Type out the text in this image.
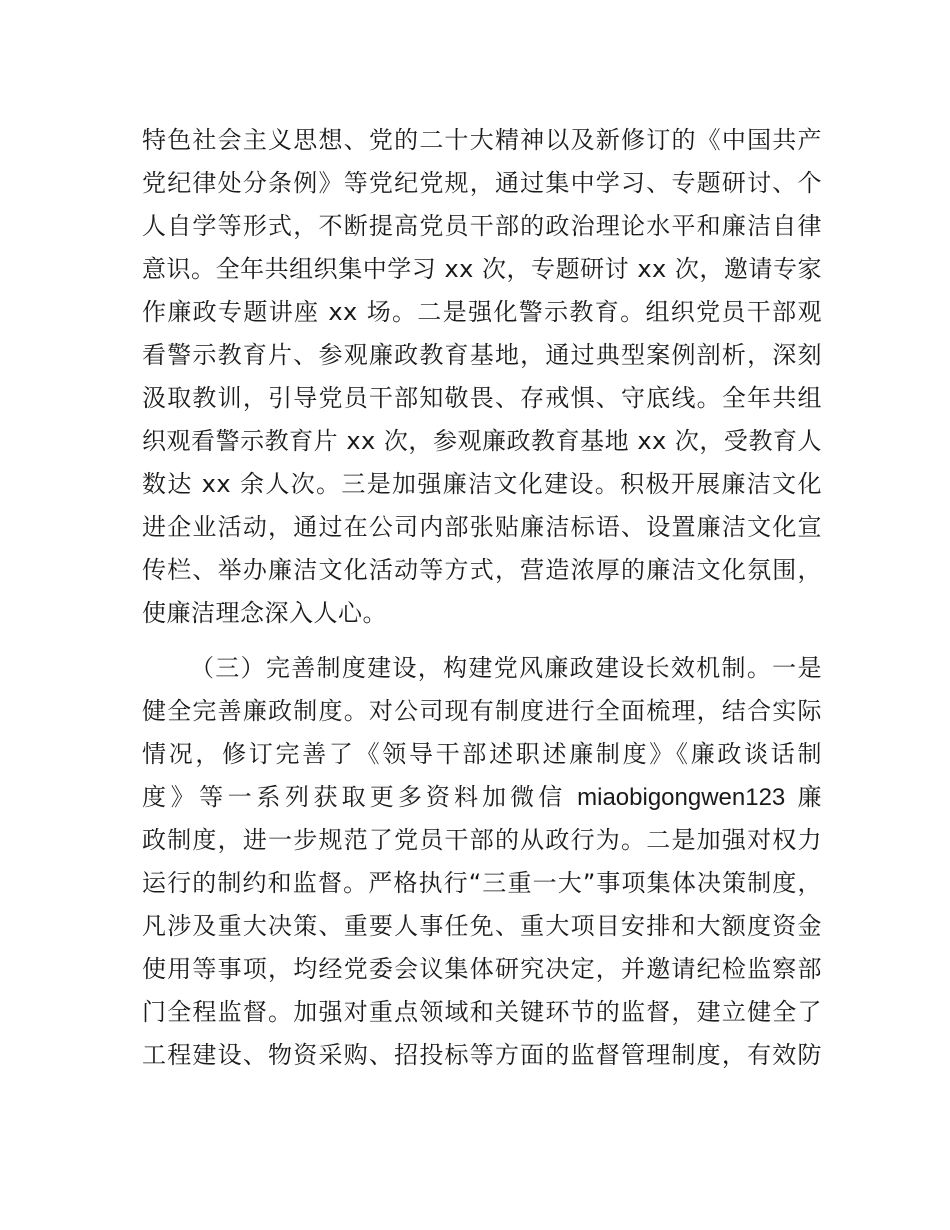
特色社会主义思想、党的二十大精神以及新修订的《中国共产
党纪律处分条例》等党纪党规，通过集中学习、专题研讨、个
人自学等形式，不断提高党员干部的政治理论水平和廉洁自律
意识。全年共组织集中学习 xx 次，专题研讨 xx 次，邀请专家
作廉政专题讲座 xx 场。二是强化警示教育。组织党员干部观
看警示教育片、参观廉政教育基地，通过典型案例剖析，深刻
汲取教训，引导党员干部知敬畏、存戒惧、守底线。全年共组
织观看警示教育片 xx 次，参观廉政教育基地 xx 次，受教育人
数达 xx 余人次。三是加强廉洁文化建设。积极开展廉洁文化
进企业活动，通过在公司内部张贴廉洁标语、设置廉洁文化宣
传栏、举办廉洁文化活动等方式，营造浓厚的廉洁文化氛围，
使廉洁理念深入人心。
（三）完善制度建设，构建党风廉政建设长效机制。一是
健全完善廉政制度。对公司现有制度进行全面梳理，结合实际
情况，修订完善了《领导干部述职述廉制度》《廉政谈话制
度》等一系列获取更多资料加微信 miaobigongwen123 廉
政制度，进一步规范了党员干部的从政行为。二是加强对权力
运行的制约和监督。严格执行“三重一大”事项集体决策制度，
凡涉及重大决策、重要人事任免、重大项目安排和大额度资金
使用等事项，均经党委会议集体研究决定，并邀请纪检监察部
门全程监督。加强对重点领域和关键环节的监督，建立健全了
工程建设、物资采购、招投标等方面的监督管理制度，有效防
